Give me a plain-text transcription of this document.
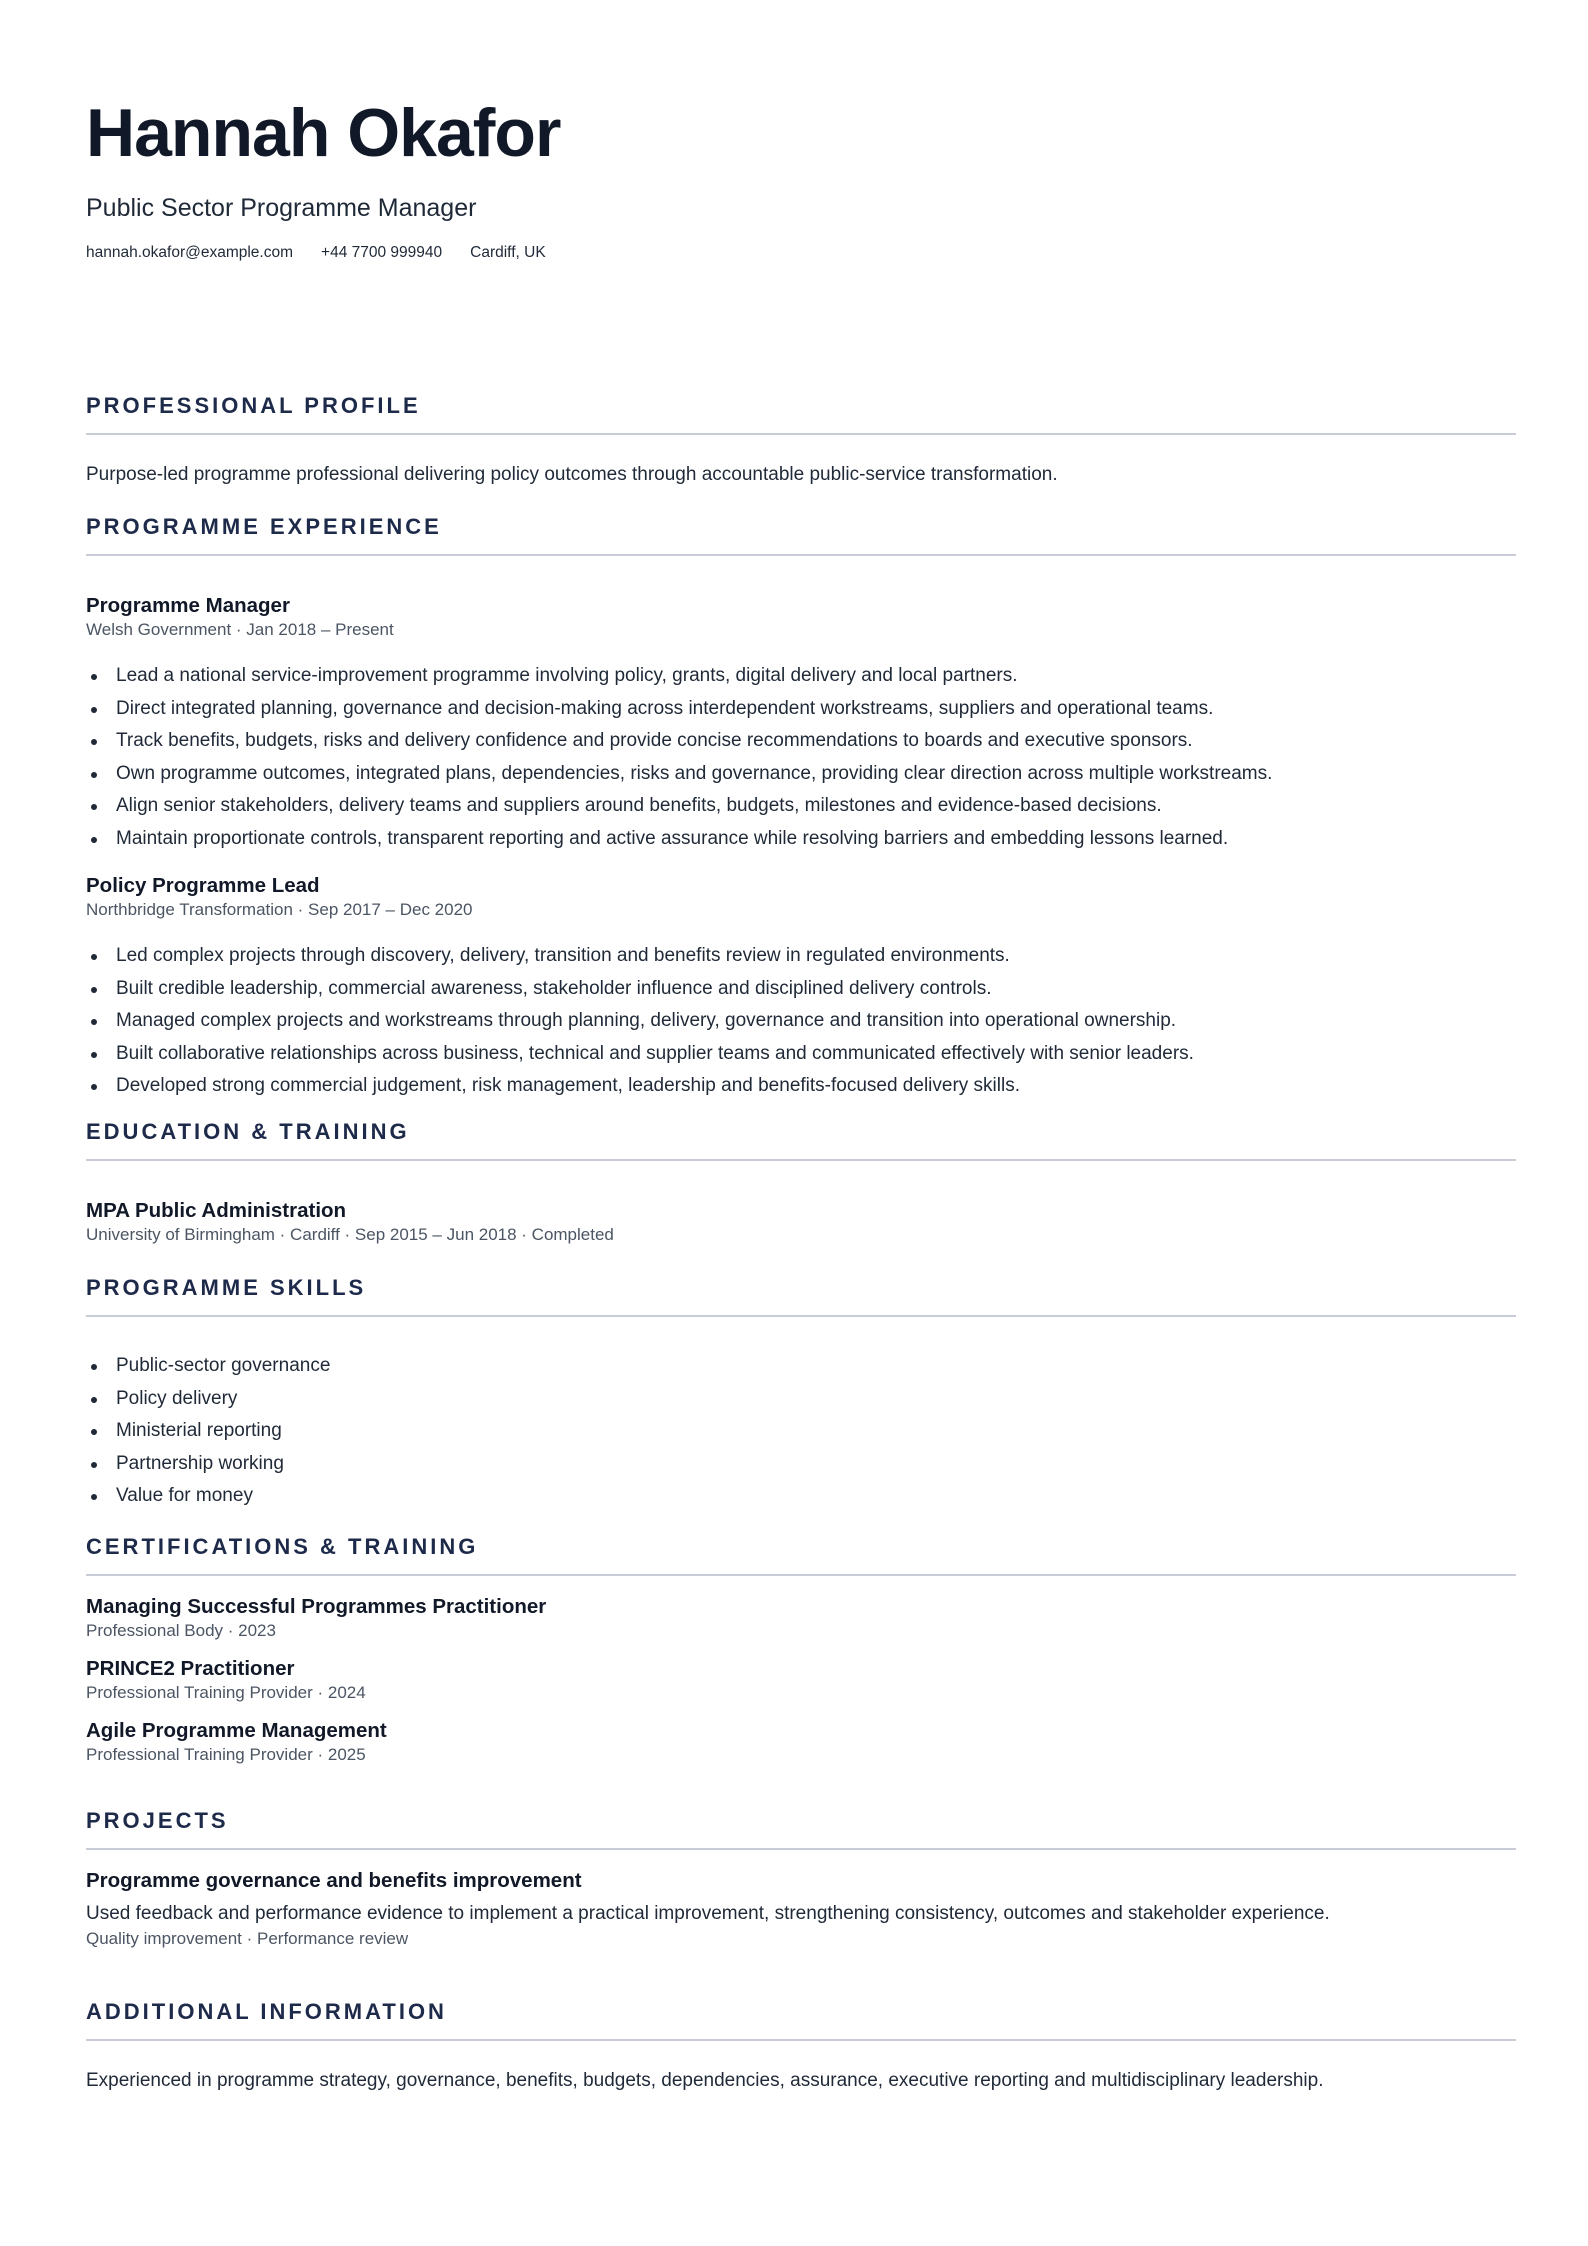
Hannah Okafor
Public Sector Programme Manager
hannah.okafor@example.com +44 7700 999940 Cardiff, UK
PROFESSIONAL PROFILE
Purpose-led programme professional delivering policy outcomes through accountable public-service transformation.
PROGRAMME EXPERIENCE
Programme Manager
Welsh Government · Jan 2018 – Present
Lead a national service-improvement programme involving policy, grants, digital delivery and local partners.
Direct integrated planning, governance and decision-making across interdependent workstreams, suppliers and operational teams.
Track benefits, budgets, risks and delivery confidence and provide concise recommendations to boards and executive sponsors.
Own programme outcomes, integrated plans, dependencies, risks and governance, providing clear direction across multiple workstreams.
Align senior stakeholders, delivery teams and suppliers around benefits, budgets, milestones and evidence-based decisions.
Maintain proportionate controls, transparent reporting and active assurance while resolving barriers and embedding lessons learned.
Policy Programme Lead
Northbridge Transformation · Sep 2017 – Dec 2020
Led complex projects through discovery, delivery, transition and benefits review in regulated environments.
Built credible leadership, commercial awareness, stakeholder influence and disciplined delivery controls.
Managed complex projects and workstreams through planning, delivery, governance and transition into operational ownership.
Built collaborative relationships across business, technical and supplier teams and communicated effectively with senior leaders.
Developed strong commercial judgement, risk management, leadership and benefits-focused delivery skills.
EDUCATION & TRAINING
MPA Public Administration
University of Birmingham · Cardiff · Sep 2015 – Jun 2018 · Completed
PROGRAMME SKILLS
Public-sector governance
Policy delivery
Ministerial reporting
Partnership working
Value for money
CERTIFICATIONS & TRAINING
Managing Successful Programmes Practitioner
Professional Body · 2023
PRINCE2 Practitioner
Professional Training Provider · 2024
Agile Programme Management
Professional Training Provider · 2025
PROJECTS
Programme governance and benefits improvement
Used feedback and performance evidence to implement a practical improvement, strengthening consistency, outcomes and stakeholder experience.
Quality improvement · Performance review
ADDITIONAL INFORMATION
Experienced in programme strategy, governance, benefits, budgets, dependencies, assurance, executive reporting and multidisciplinary leadership.
